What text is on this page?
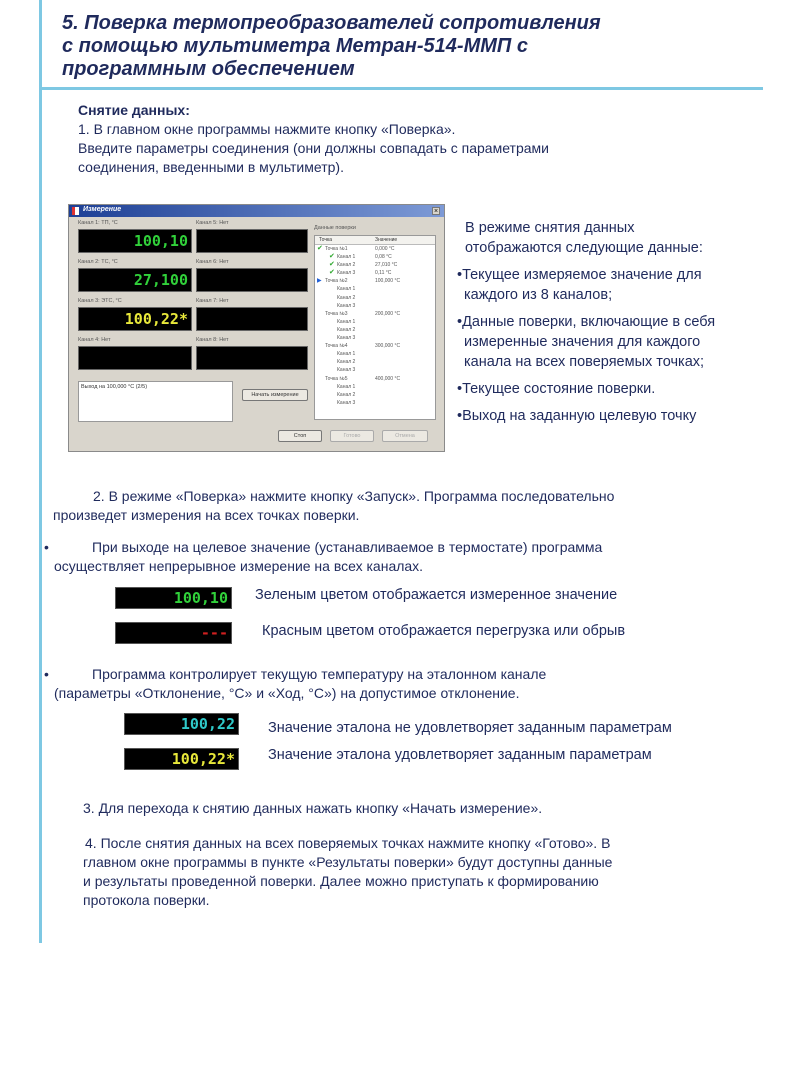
5. Поверка термопреобразователей сопротивления
с помощью мультиметра Метран-514-ММП с
программным обеспечением
Снятие данных:
1. В главном окне программы нажмите кнопку «Поверка».
Введите параметры соединения (они должны совпадать с параметрами
соединения, введенными в мультиметр).
Измерение	×
Канал 1: ТП, °С
100,10
Канал 2: ТС, °С
27,100
Канал 3: ЭТС, °С
100,22*
Канал 4: Нет
Канал 5: Нет
Канал 6: Нет
Канал 7: Нет
Канал 8: Нет
Выход на 100,000 °С (2/5)
Начать измерение
Данные поверки
Точка	Значение
✔ Точка №1	0,000 °С
✔ Канал 1	0,08 °С
✔ Канал 2	27,010 °С
✔ Канал 3	0,11 °С
▶ Точка №2	100,000 °С
Канал 1
Канал 2
Канал 3
Точка №3	200,000 °С
Канал 1
Канал 2
Канал 3
Точка №4	300,000 °С
Канал 1
Канал 2
Канал 3
Точка №5	400,000 °С
Канал 1
Канал 2
Канал 3
Стоп	Готово	Отмена
В режиме снятия данных
отображаются следующие данные:
•Текущее измеряемое значение для
каждого из 8 каналов;
•Данные поверки, включающие в себя
измеренные значения для каждого
канала на всех поверяемых точках;
•Текущее состояние поверки.
•Выход на заданную целевую точку
2. В режиме «Поверка» нажмите кнопку «Запуск». Программа последовательно
произведет измерения на всех точках поверки.
•	При выходе на целевое значение (устанавливаемое в термостате) программа
осуществляет непрерывное измерение на всех каналах.
100,10 Зеленым цветом отображается измеренное значение
--- Красным цветом отображается перегрузка или обрыв
•	Программа контролирует текущую температуру на эталонном канале
(параметры «Отклонение, °С» и «Ход, °С») на допустимое отклонение.
100,22 Значение эталона не удовлетворяет заданным параметрам
100,22* Значение эталона удовлетворяет заданным параметрам
3. Для перехода к снятию данных нажать кнопку «Начать измерение».
4. После снятия данных на всех поверяемых точках нажмите кнопку «Готово». В
главном окне программы в пункте «Результаты поверки» будут доступны данные
и результаты проведенной поверки. Далее можно приступать к формированию
протокола поверки.
